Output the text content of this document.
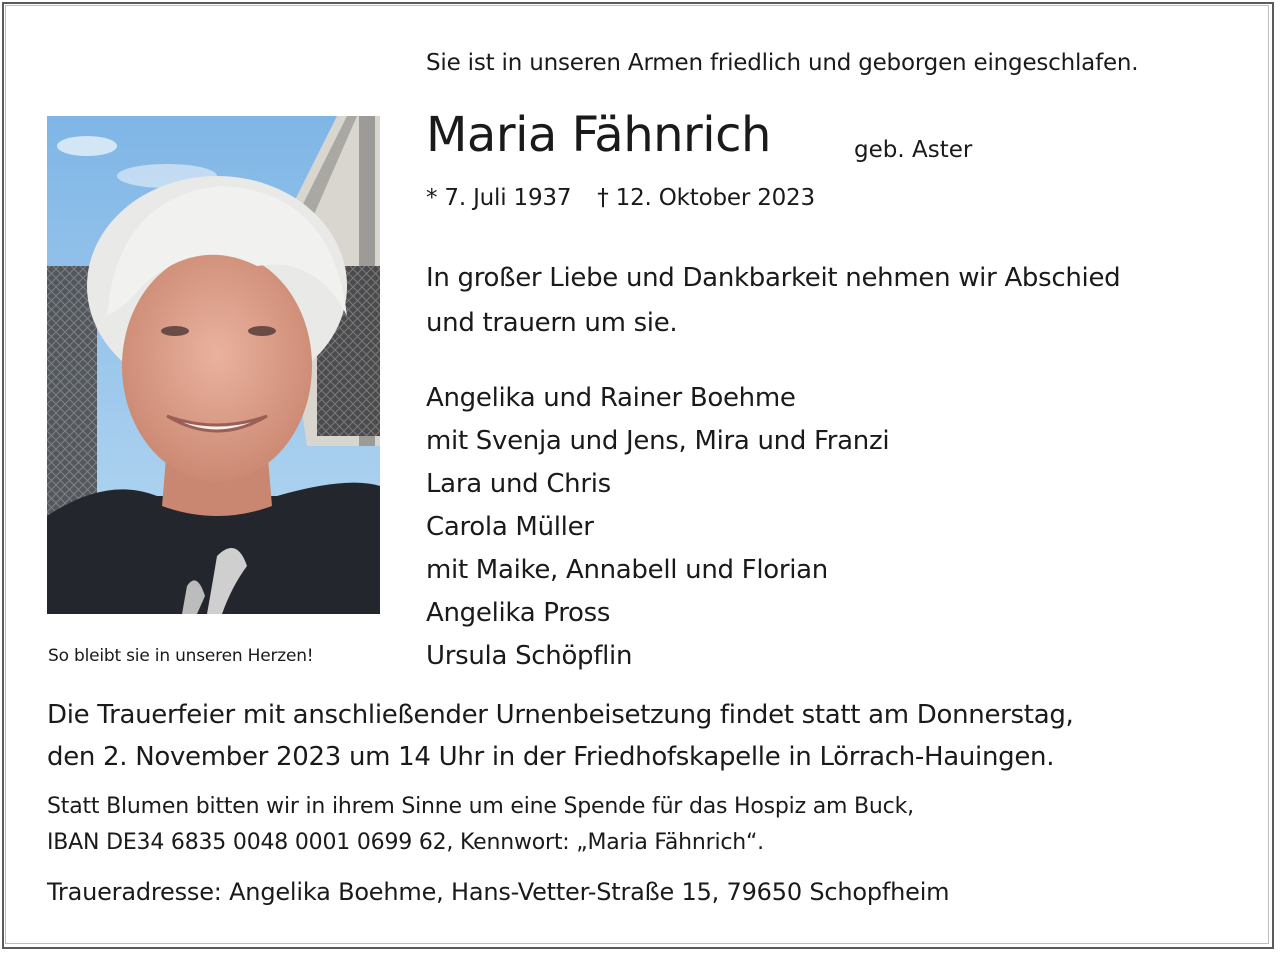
Sie ist in unseren Armen friedlich und geborgen eingeschlafen.
Maria Fähnrich	geb. Aster
* 7. Juli 1937 † 12. Oktober 2023
In großer Liebe und Dankbarkeit nehmen wir Abschied
und trauern um sie.
Angelika und Rainer Boehme
mit Svenja und Jens, Mira und Franzi
Lara und Chris
Carola Müller
mit Maike, Annabell und Florian
Angelika Pross
Ursula Schöpflin
So bleibt sie in unseren Herzen!
Die Trauerfeier mit anschließender Urnenbeisetzung findet statt am Donnerstag,
den 2. November 2023 um 14 Uhr in der Friedhofskapelle in Lörrach-Hauingen.
Statt Blumen bitten wir in ihrem Sinne um eine Spende für das Hospiz am Buck,
IBAN DE34 6835 0048 0001 0699 62, Kennwort: „Maria Fähnrich“.
Traueradresse: Angelika Boehme, Hans-Vetter-Straße 15, 79650 Schopfheim
